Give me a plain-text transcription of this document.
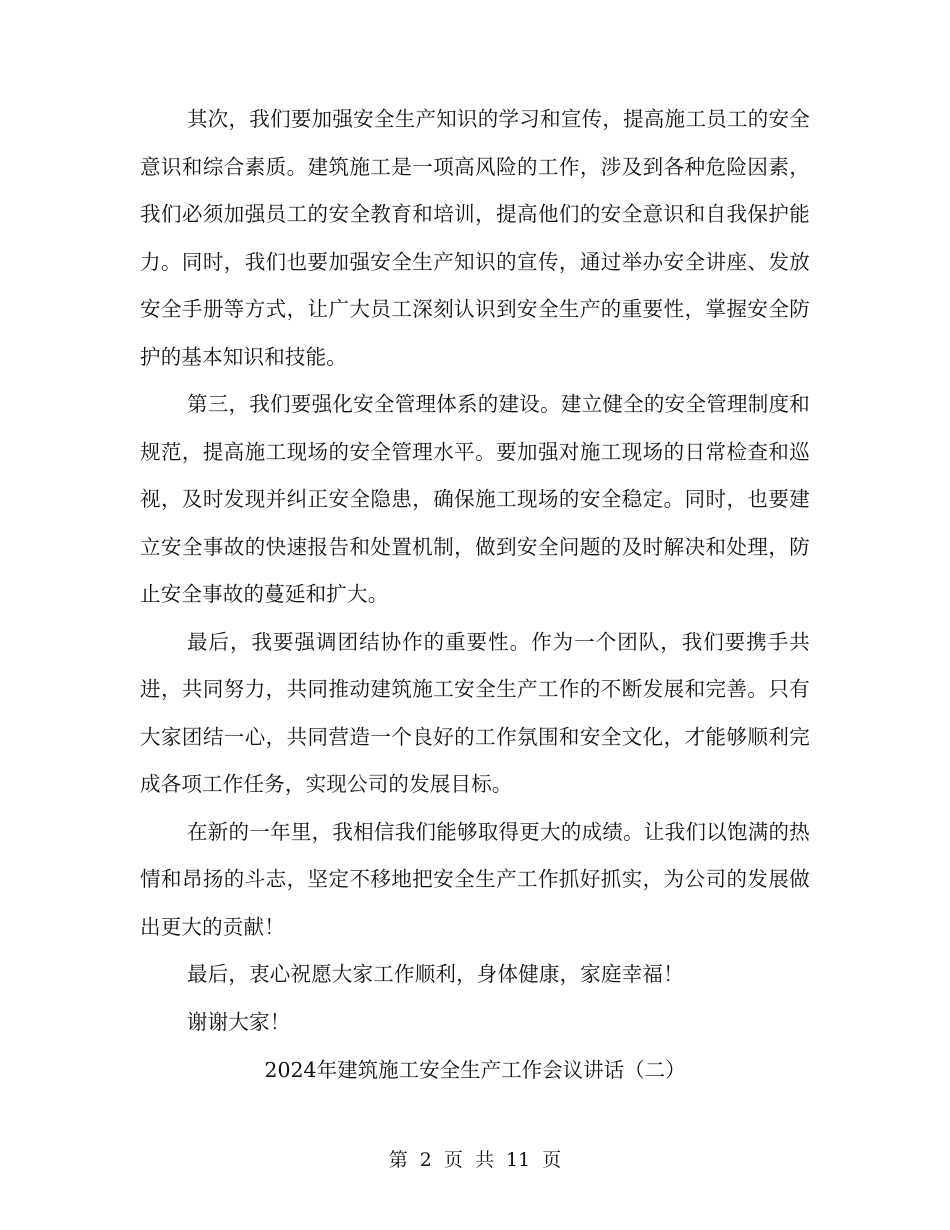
其次，我们要加强安全生产知识的学习和宣传，提高施工员工的安全意识和综合素质。建筑施工是一项高风险的工作，涉及到各种危险因素，我们必须加强员工的安全教育和培训，提高他们的安全意识和自我保护能力。同时，我们也要加强安全生产知识的宣传，通过举办安全讲座、发放安全手册等方式，让广大员工深刻认识到安全生产的重要性，掌握安全防护的基本知识和技能。

第三，我们要强化安全管理体系的建设。建立健全的安全管理制度和规范，提高施工现场的安全管理水平。要加强对施工现场的日常检查和巡视，及时发现并纠正安全隐患，确保施工现场的安全稳定。同时，也要建立安全事故的快速报告和处置机制，做到安全问题的及时解决和处理，防止安全事故的蔓延和扩大。

最后，我要强调团结协作的重要性。作为一个团队，我们要携手共进，共同努力，共同推动建筑施工安全生产工作的不断发展和完善。只有大家团结一心，共同营造一个良好的工作氛围和安全文化，才能够顺利完成各项工作任务，实现公司的发展目标。

在新的一年里，我相信我们能够取得更大的成绩。让我们以饱满的热情和昂扬的斗志，坚定不移地把安全生产工作抓好抓实，为公司的发展做出更大的贡献！

最后，衷心祝愿大家工作顺利，身体健康，家庭幸福！

谢谢大家！

2024年建筑施工安全生产工作会议讲话（二）
第 2 页 共 11 页
